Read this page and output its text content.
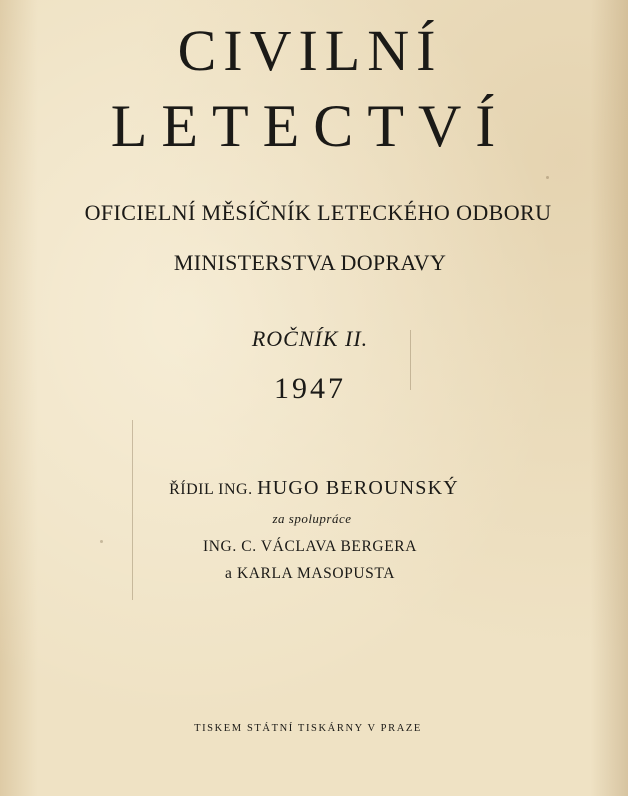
CIVILNÍ
LETECTVÍ
OFICIELNÍ MĚSÍČNÍK LETECKÉHO ODBORU
MINISTERSTVA DOPRAVY
ROČNÍK II.
1947
ŘÍDIL ING. HUGO BEROUNSKÝ
za spolupráce
ING. C. VÁCLAVA BERGERA
a KARLA MASOPUSTA
TISKEM STÁTNÍ TISKÁRNY V PRAZE
